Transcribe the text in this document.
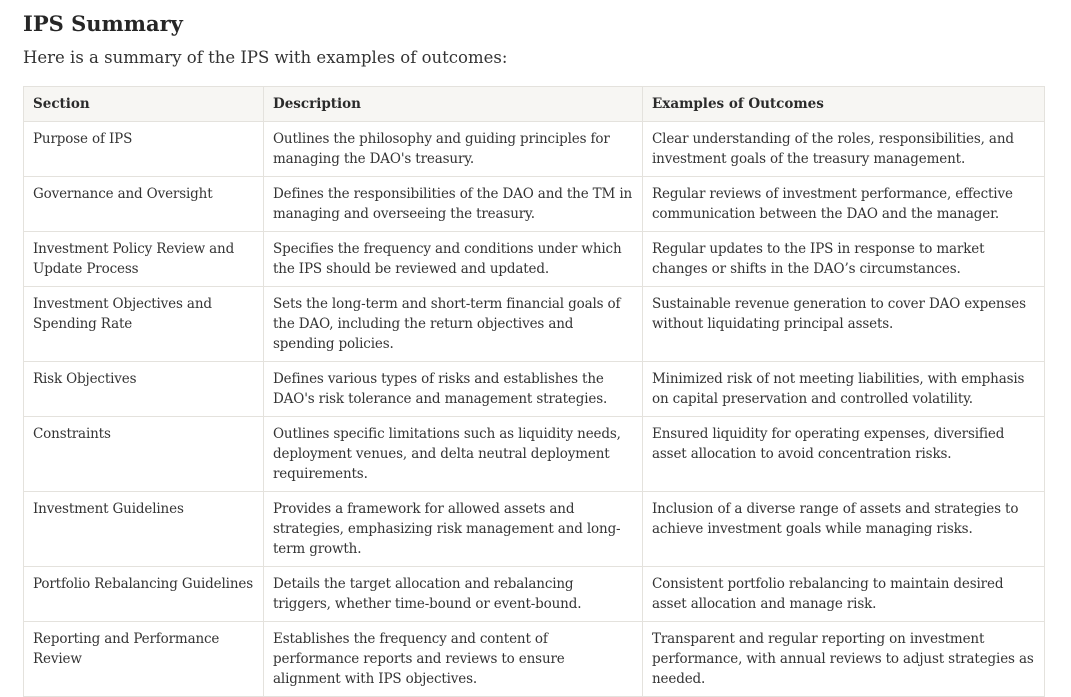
IPS Summary

Here is a summary of the IPS with examples of outcomes:

Section	Description	Examples of Outcomes
Purpose of IPS	Outlines the philosophy and guiding principles for managing the DAO's treasury.	Clear understanding of the roles, responsibilities, and investment goals of the treasury management.
Governance and Oversight	Defines the responsibilities of the DAO and the TM in managing and overseeing the treasury.	Regular reviews of investment performance, effective communication between the DAO and the manager.
Investment Policy Review and Update Process	Specifies the frequency and conditions under which the IPS should be reviewed and updated.	Regular updates to the IPS in response to market changes or shifts in the DAO’s circumstances.
Investment Objectives and Spending Rate	Sets the long-term and short-term financial goals of the DAO, including the return objectives and spending policies.	Sustainable revenue generation to cover DAO expenses without liquidating principal assets.
Risk Objectives	Defines various types of risks and establishes the DAO's risk tolerance and management strategies.	Minimized risk of not meeting liabilities, with emphasis on capital preservation and controlled volatility.
Constraints	Outlines specific limitations such as liquidity needs, deployment venues, and delta neutral deployment requirements.	Ensured liquidity for operating expenses, diversified asset allocation to avoid concentration risks.
Investment Guidelines	Provides a framework for allowed assets and strategies, emphasizing risk management and long-term growth.	Inclusion of a diverse range of assets and strategies to achieve investment goals while managing risks.
Portfolio Rebalancing Guidelines	Details the target allocation and rebalancing triggers, whether time-bound or event-bound.	Consistent portfolio rebalancing to maintain desired asset allocation and manage risk.
Reporting and Performance Review	Establishes the frequency and content of performance reports and reviews to ensure alignment with IPS objectives.	Transparent and regular reporting on investment performance, with annual reviews to adjust strategies as needed.
